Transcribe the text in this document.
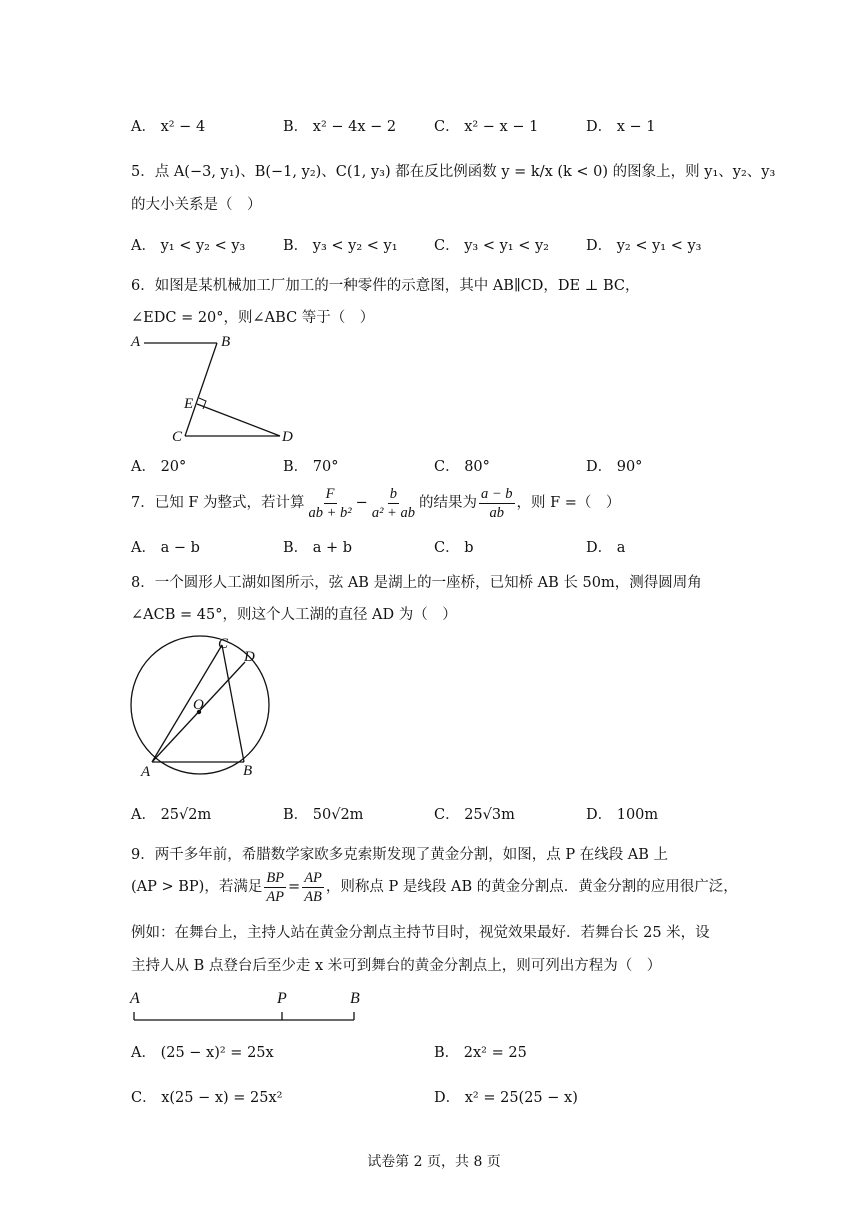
A． x² − 4	B． x² − 4x − 2	C． x² − x − 1	D． x − 1
5．点 A(−3, y₁)、B(−1, y₂)、C(1, y₃) 都在反比例函数 y = k/x (k < 0) 的图象上，则 y₁、y₂、y₃
的大小关系是（　）
A． y₁ < y₂ < y₃	B． y₃ < y₂ < y₁	C． y₃ < y₁ < y₂	D． y₂ < y₁ < y₃
6．如图是某机械加工厂加工的一种零件的示意图，其中 AB∥CD，DE ⊥ BC，
∠EDC = 20°，则∠ABC 等于（　）
A	B
E
C	D
A． 20°	B． 70°	C． 80°	D． 90°
7．已知 F 为整式，若计算 $\frac{F}{\text{ab + b²}} - \frac{b}{\text{a² + ab}}$ 的结果为 $\frac{a - b}{ab}$ ，则 F =（　）
A． a − b	B． a + b	C． b	D． a
8．一个圆形人工湖如图所示，弦 AB 是湖上的一座桥，已知桥 AB 长 50m，测得圆周角
∠ACB = 45°，则这个人工湖的直径 AD 为（　）
C
D
O
A	B
A． 25√2m	B． 50√2m	C． 25√3m	D． 100m
9．两千多年前，希腊数学家欧多克索斯发现了黄金分割，如图，点 P 在线段 AB 上
(AP > BP)，若满足 $\frac{BP}{AP} = \frac{AP}{AB}$ ，则称点 P 是线段 AB 的黄金分割点．黄金分割的应用很广泛，
例如：在舞台上，主持人站在黄金分割点主持节目时，视觉效果最好．若舞台长 25 米，设
主持人从 B 点登台后至少走 x 米可到舞台的黄金分割点上，则可列出方程为（　）
A	P	B
A． (25 − x)² = 25x	B． 2x² = 25
C． x(25 − x) = 25x²	D． x² = 25(25 − x)
试卷第 2 页，共 8 页
